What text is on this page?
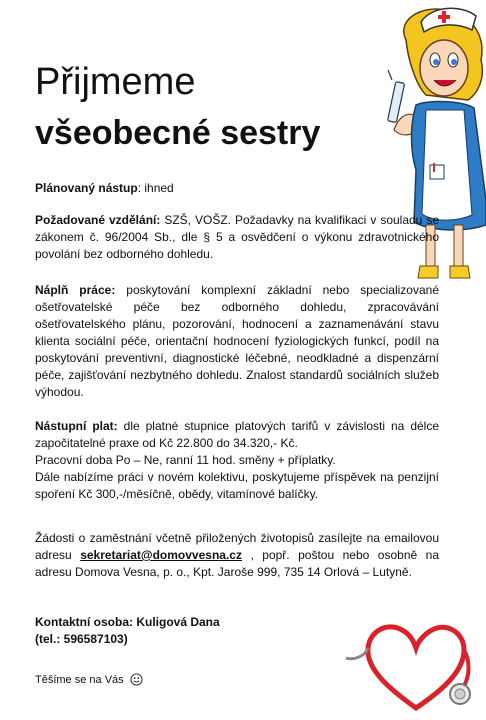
Přijmeme
všeobecné sestry

Plánovaný nástup: ihned

Požadované vzdělání: SZŠ, VOŠZ. Požadavky na kvalifikaci v souladu se zákonem č. 96/2004 Sb., dle § 5 a osvědčení o výkonu zdravotnického povolání bez odborného dohledu.

Náplň práce: poskytování komplexní základní nebo specializované ošetřovatelské péče bez odborného dohledu, zpracovávání ošetřovatelského plánu, pozorování, hodnocení a zaznamenávání stavu klienta sociální péče, orientační hodnocení fyziologických funkcí, podíl na poskytování preventivní, diagnostické léčebné, neodkladné a dispenzární péče, zajišťování nezbytného dohledu. Znalost standardů sociálních služeb výhodou.

Nástupní plat: dle platné stupnice platových tarifů v závislosti na délce započitatelné praxe od Kč 22.800 do 34.320,- Kč.
Pracovní doba Po – Ne, ranní 11 hod. směny + příplatky.
Dále nabízíme práci v novém kolektivu, poskytujeme příspěvek na penzijní spoření Kč 300,-/měsíčně, obědy, vitamínové balíčky.

Žádosti o zaměstnání včetně přiložených životopisů zasílejte na emailovou adresu sekretariat@domovvesna.cz , popř. poštou nebo osobně na adresu Domova Vesna, p. o., Kpt. Jaroše 999, 735 14 Orlová – Lutyně.

Kontaktní osoba: Kuligová Dana
(tel.: 596587103)

Těšíme se na Vás
